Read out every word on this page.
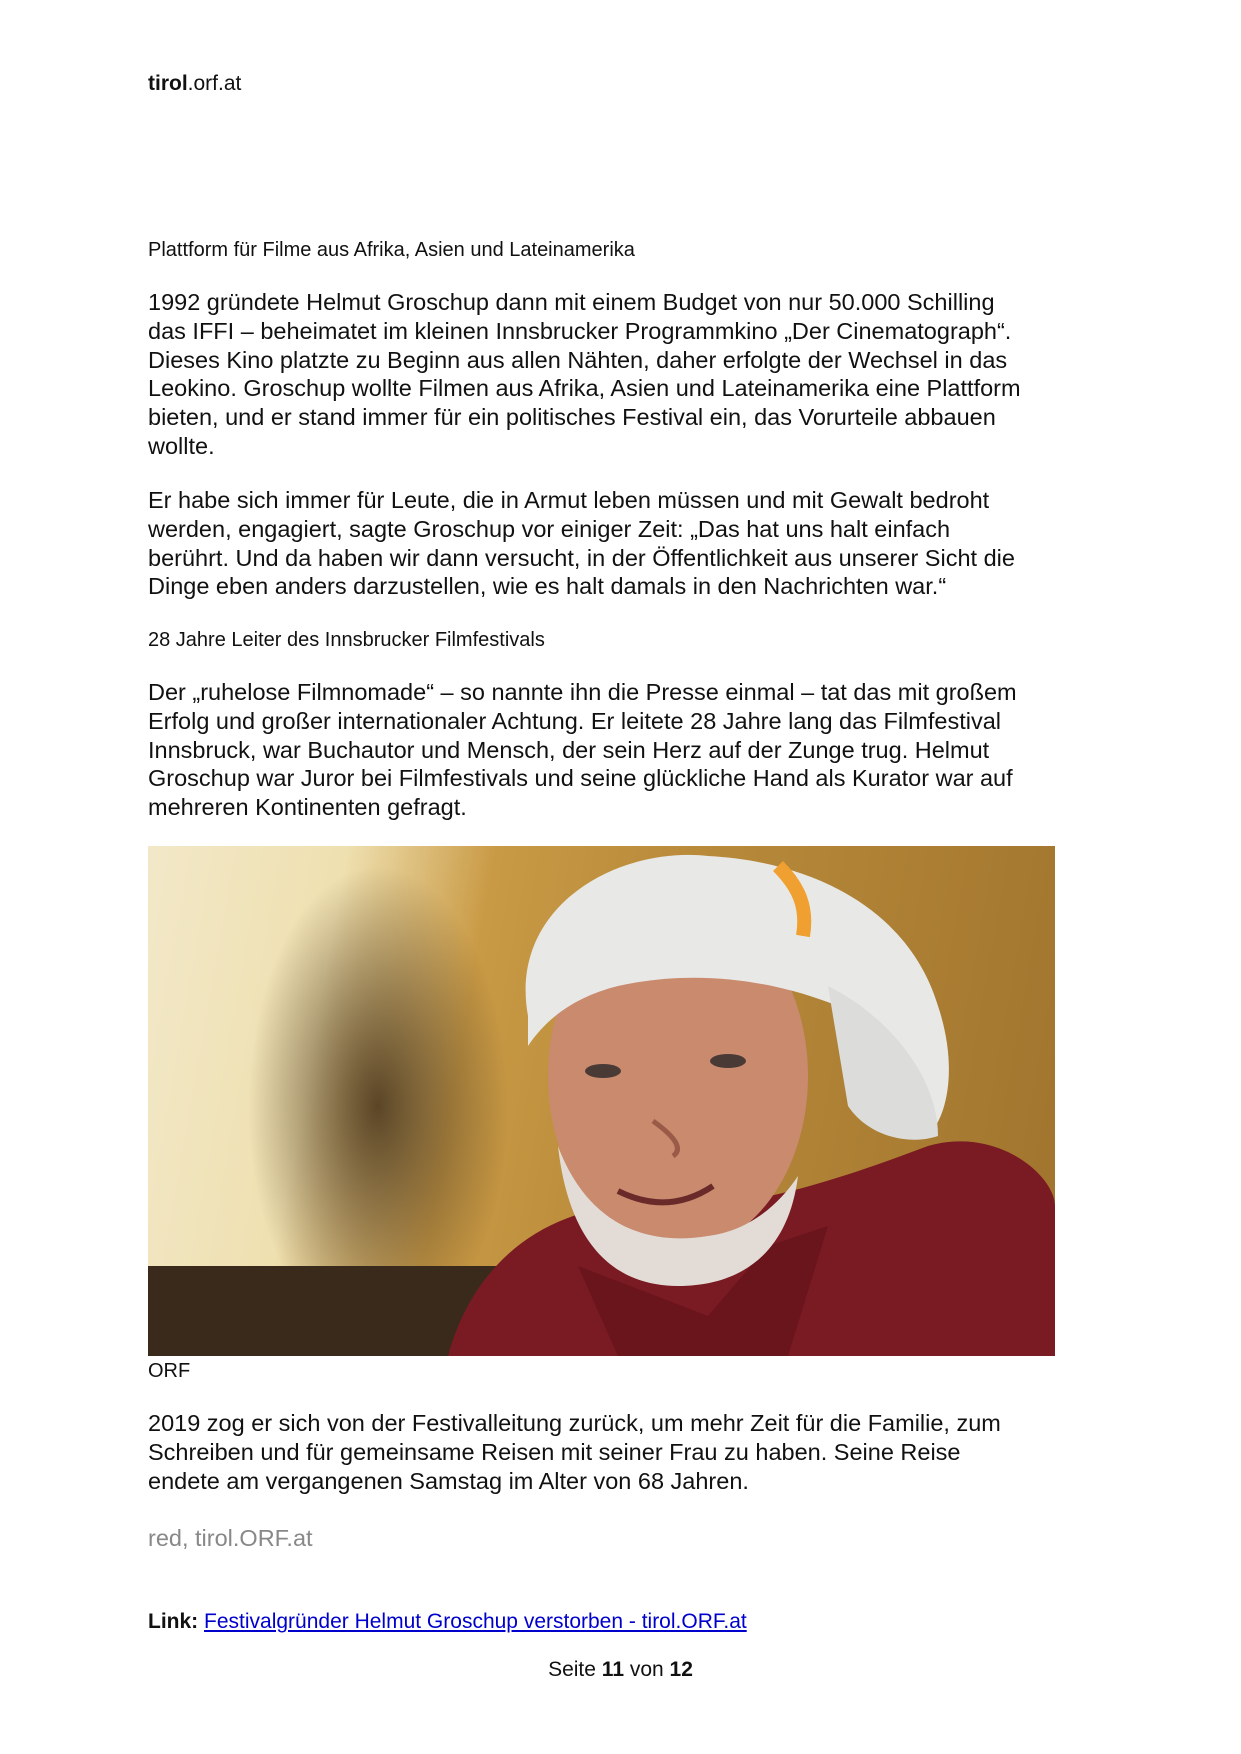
tirol.orf.at
Plattform für Filme aus Afrika, Asien und Lateinamerika
1992 gründete Helmut Groschup dann mit einem Budget von nur 50.000 Schilling
das IFFI – beheimatet im kleinen Innsbrucker Programmkino „Der Cinematograph“.
Dieses Kino platzte zu Beginn aus allen Nähten, daher erfolgte der Wechsel in das
Leokino. Groschup wollte Filmen aus Afrika, Asien und Lateinamerika eine Plattform
bieten, und er stand immer für ein politisches Festival ein, das Vorurteile abbauen
wollte.
Er habe sich immer für Leute, die in Armut leben müssen und mit Gewalt bedroht
werden, engagiert, sagte Groschup vor einiger Zeit: „Das hat uns halt einfach
berührt. Und da haben wir dann versucht, in der Öffentlichkeit aus unserer Sicht die
Dinge eben anders darzustellen, wie es halt damals in den Nachrichten war.“
28 Jahre Leiter des Innsbrucker Filmfestivals
Der „ruhelose Filmnomade“ – so nannte ihn die Presse einmal – tat das mit großem
Erfolg und großer internationaler Achtung. Er leitete 28 Jahre lang das Filmfestival
Innsbruck, war Buchautor und Mensch, der sein Herz auf der Zunge trug. Helmut
Groschup war Juror bei Filmfestivals und seine glückliche Hand als Kurator war auf
mehreren Kontinenten gefragt.
ORF
2019 zog er sich von der Festivalleitung zurück, um mehr Zeit für die Familie, zum
Schreiben und für gemeinsame Reisen mit seiner Frau zu haben. Seine Reise
endete am vergangenen Samstag im Alter von 68 Jahren.
red, tirol.ORF.at
Link: Festivalgründer Helmut Groschup verstorben - tirol.ORF.at
Seite 11 von 12
